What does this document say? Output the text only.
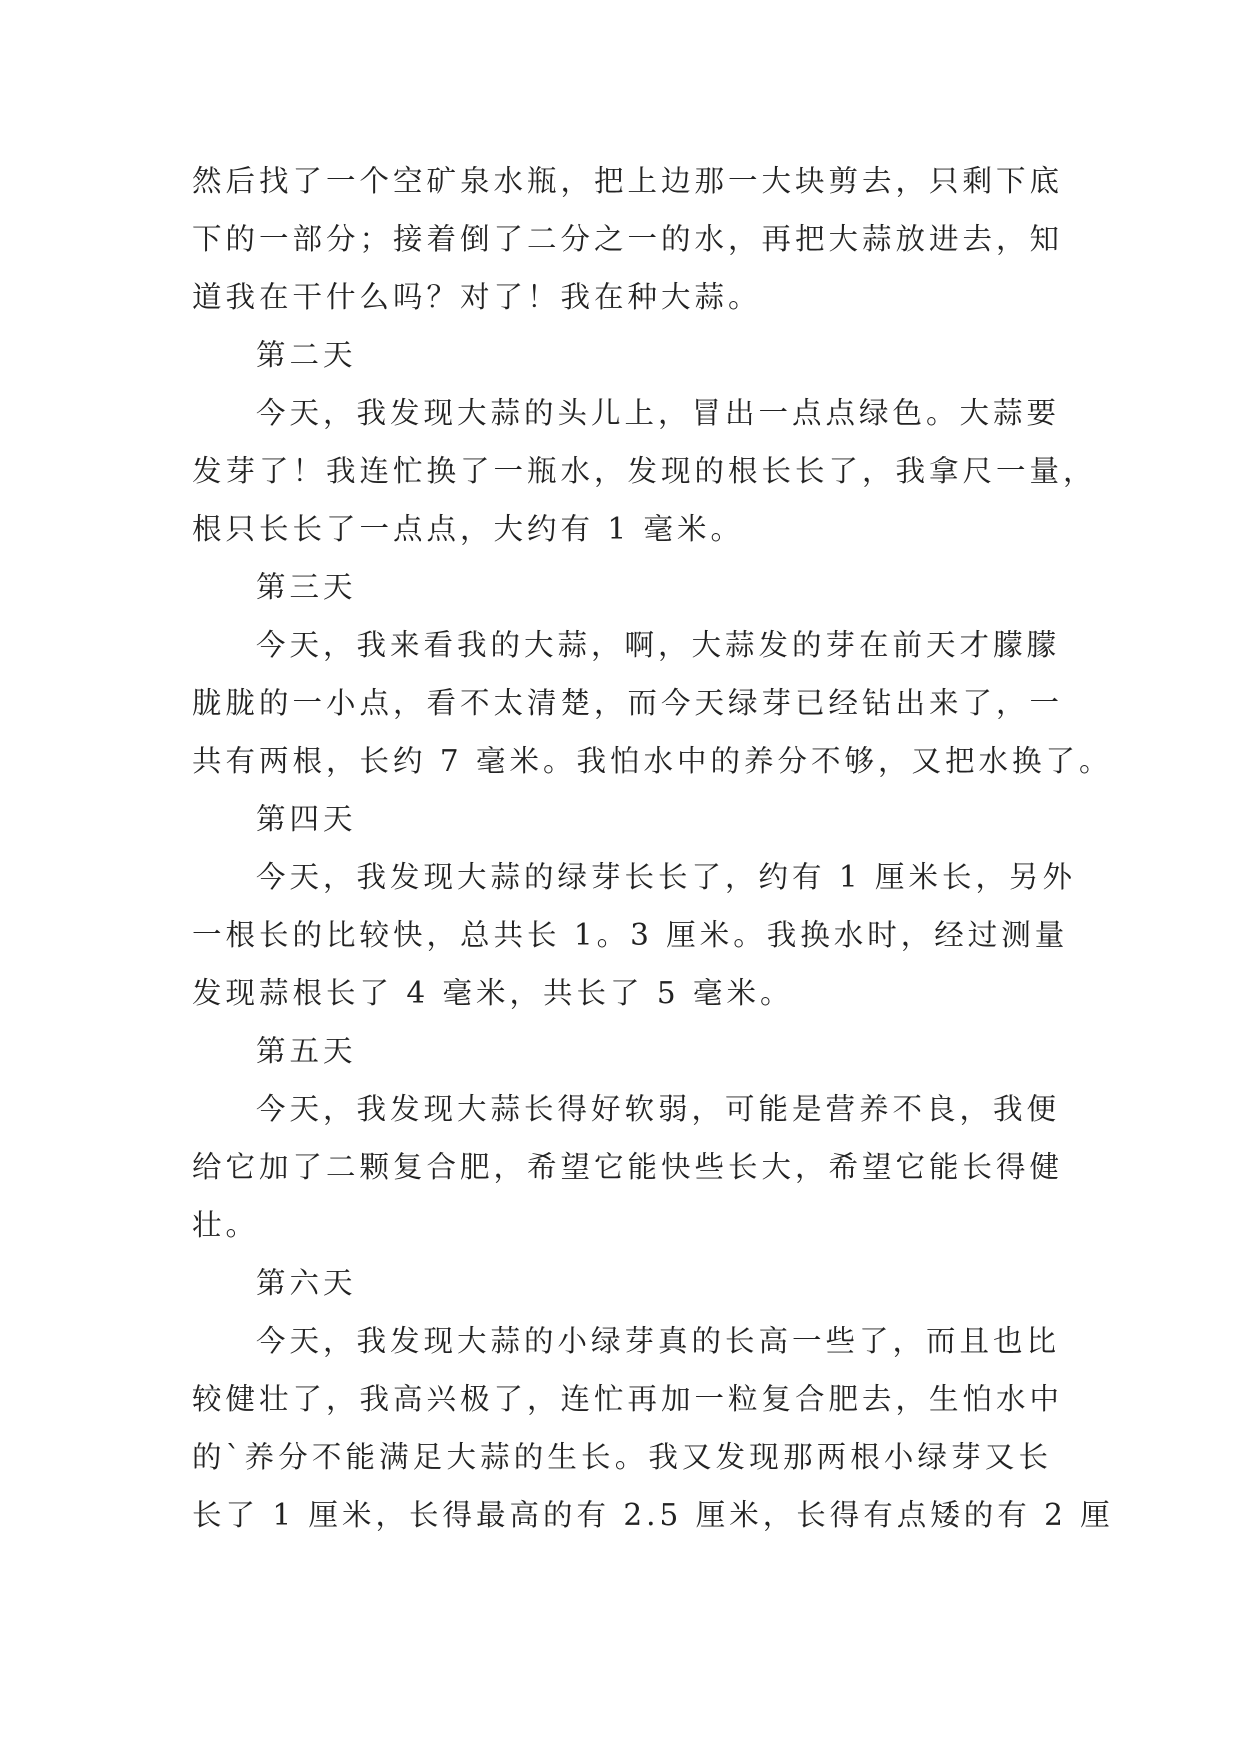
然后找了一个空矿泉水瓶，把上边那一大块剪去，只剩下底
下的一部分；接着倒了二分之一的水，再把大蒜放进去，知
道我在干什么吗？对了！我在种大蒜。
第二天
今天，我发现大蒜的头儿上，冒出一点点绿色。大蒜要
发芽了！我连忙换了一瓶水，发现的根长长了，我拿尺一量，
根只长长了一点点，大约有 1 毫米。
第三天
今天，我来看我的大蒜，啊，大蒜发的芽在前天才朦朦
胧胧的一小点，看不太清楚，而今天绿芽已经钻出来了，一
共有两根，长约 7 毫米。我怕水中的养分不够，又把水换了。
第四天
今天，我发现大蒜的绿芽长长了，约有 1 厘米长，另外
一根长的比较快，总共长 1。3 厘米。我换水时，经过测量
发现蒜根长了 4 毫米，共长了 5 毫米。
第五天
今天，我发现大蒜长得好软弱，可能是营养不良，我便
给它加了二颗复合肥，希望它能快些长大，希望它能长得健
壮。
第六天
今天，我发现大蒜的小绿芽真的长高一些了，而且也比
较健壮了，我高兴极了，连忙再加一粒复合肥去，生怕水中
的`养分不能满足大蒜的生长。我又发现那两根小绿芽又长
长了 1 厘米，长得最高的有 2.5 厘米，长得有点矮的有 2 厘
